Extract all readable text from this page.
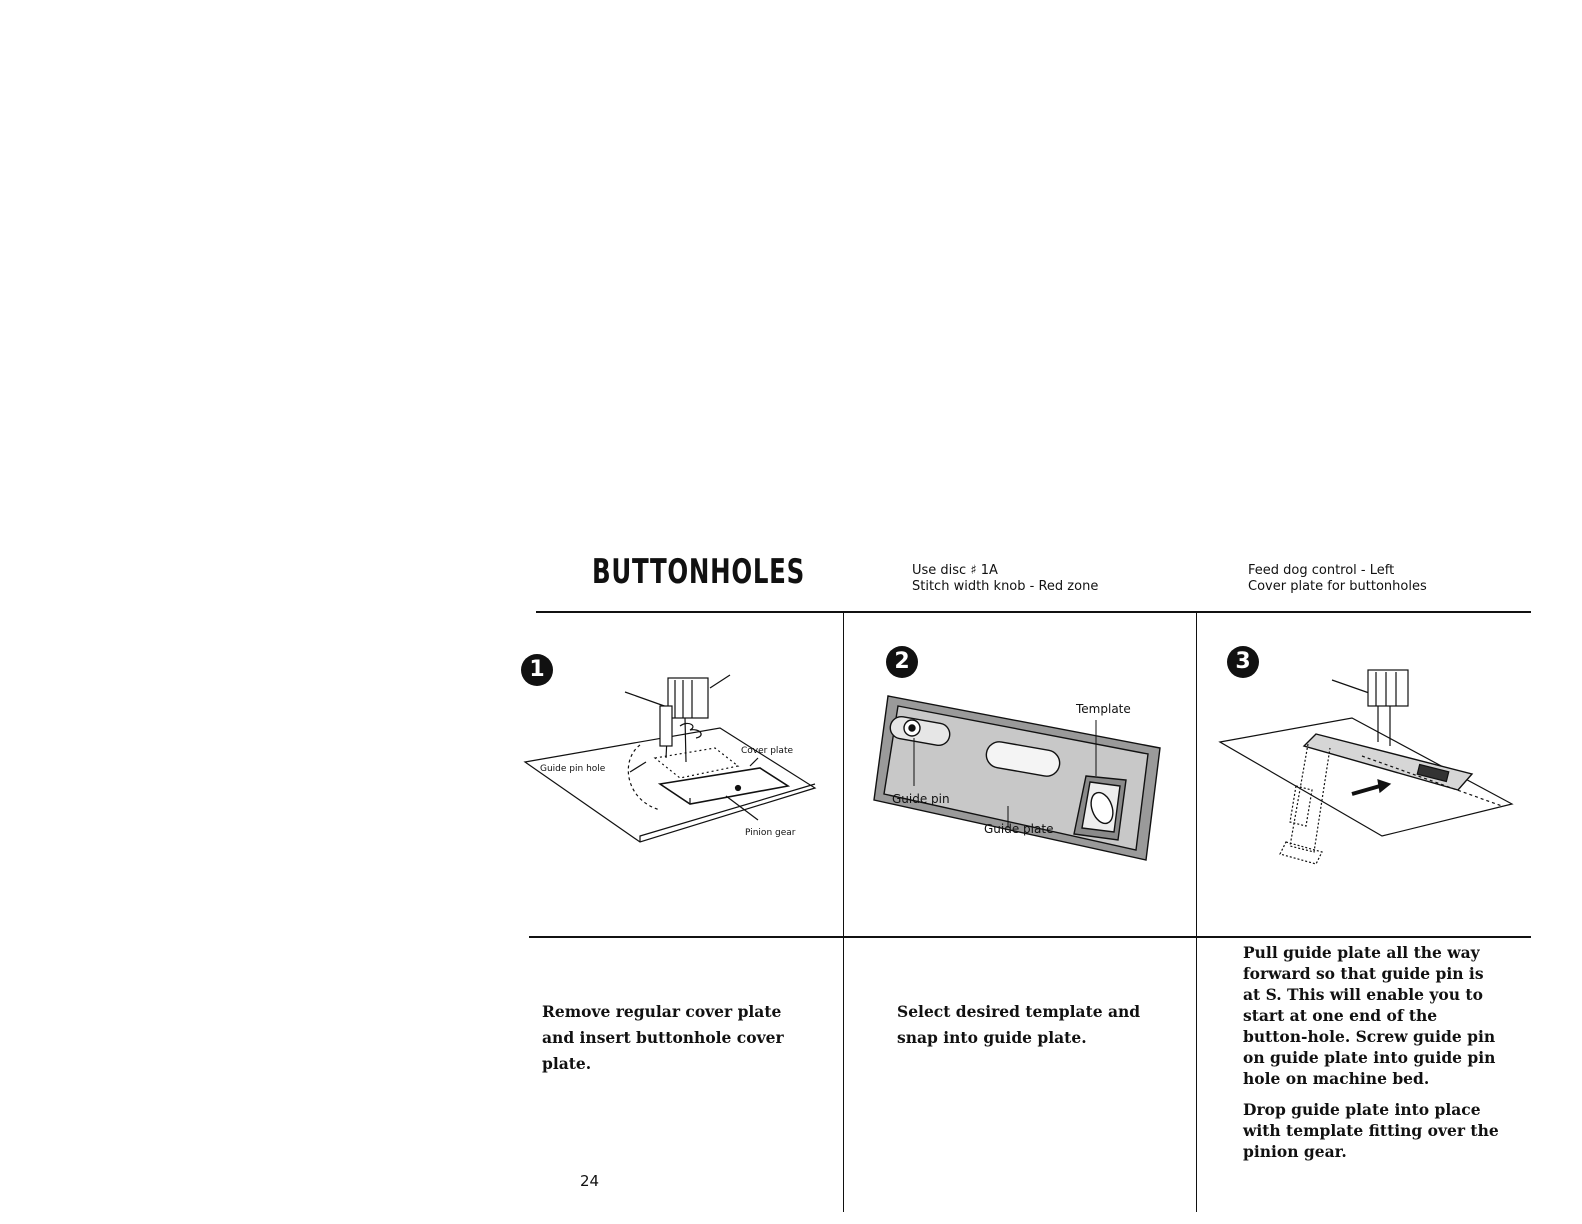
BUTTONHOLES	Use disc ♯ 1A
Stitch width knob - Red zone
Feed dog control - Left
Cover plate for buttonholes
1	2	3
Cover plate
Guide pin hole
Pinion gear
Template
Guide pin
Guide plate
Remove regular cover plate and insert buttonhole cover plate.
Select desired template and snap into guide plate.

Pull guide plate all the way forward so that guide pin is at S. This will enable you to start at one end of the button-hole. Screw guide pin on guide plate into guide pin hole on machine bed.

Drop guide plate into place with template fitting over the pinion gear.

24
